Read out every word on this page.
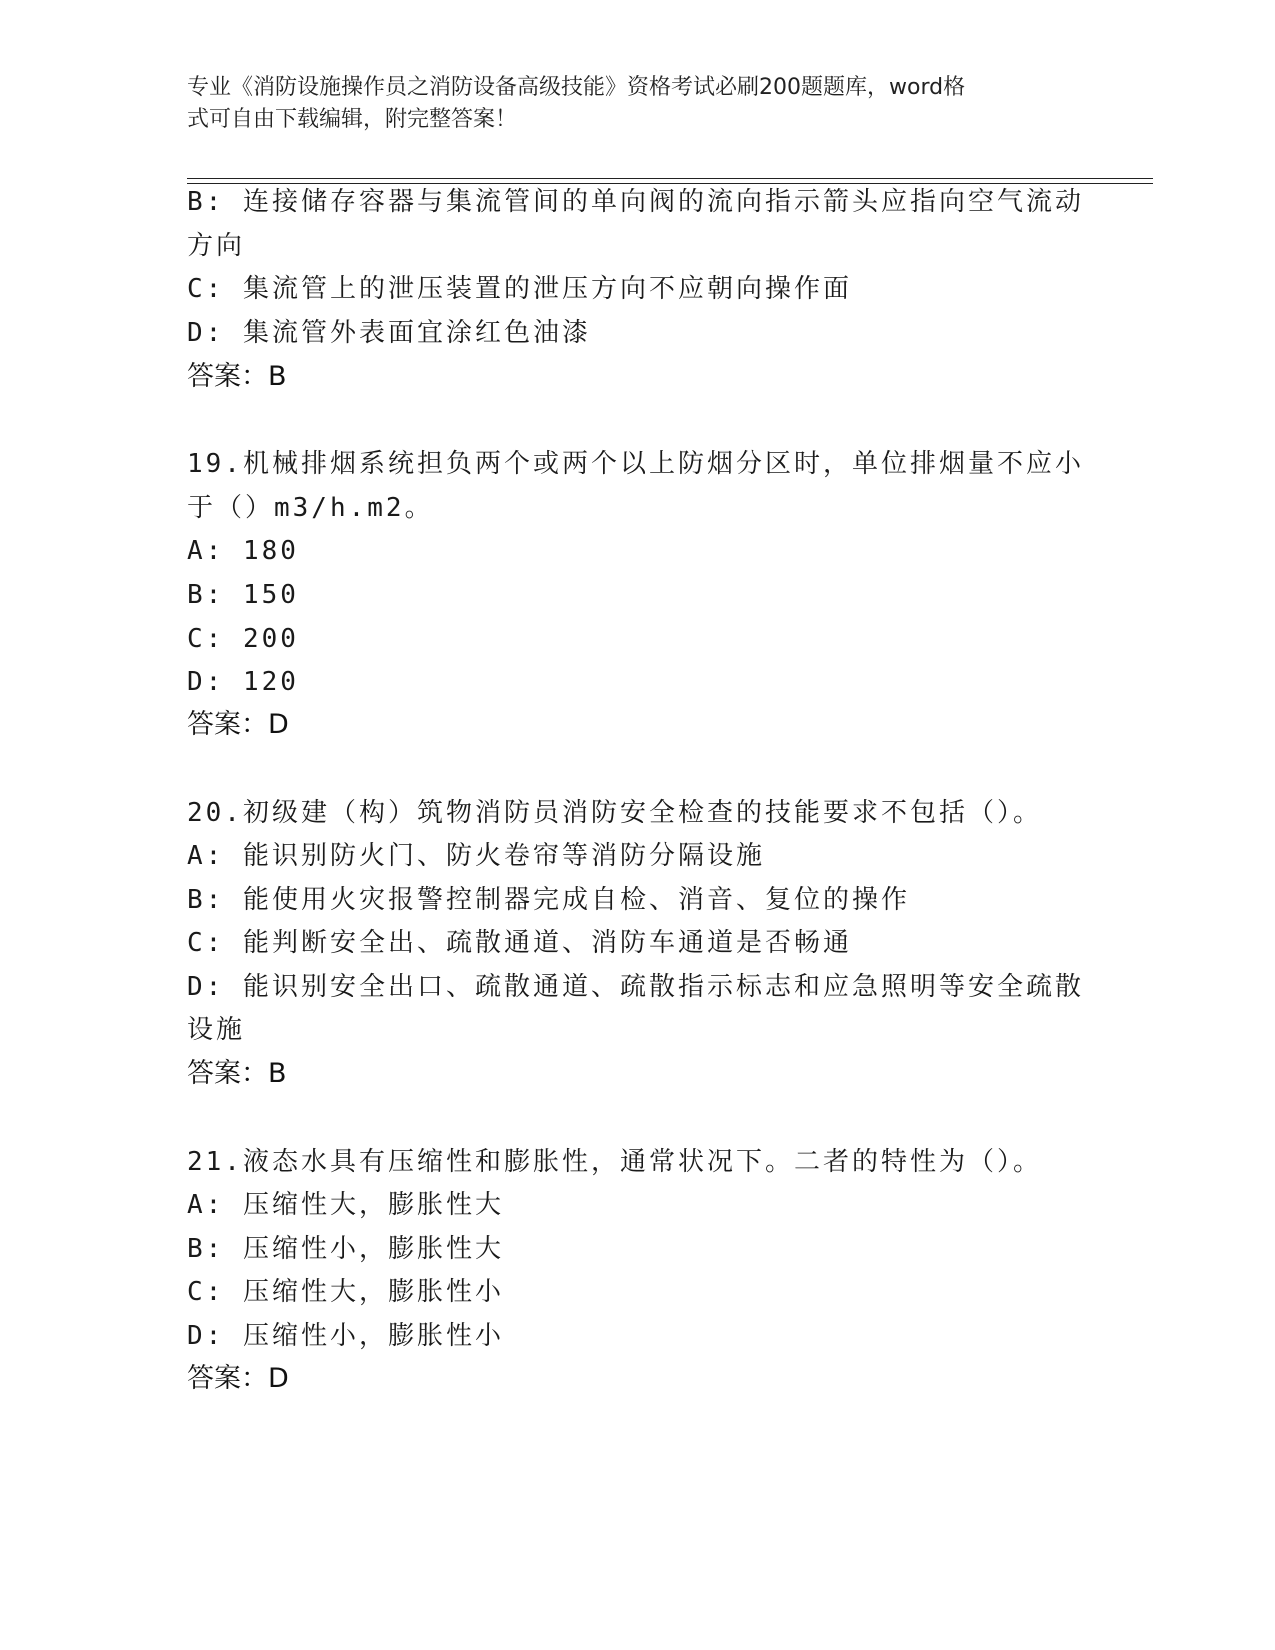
专业《消防设施操作员之消防设备高级技能》资格考试必刷200题题库，word格
式可自由下载编辑，附完整答案！
B: 连接储存容器与集流管间的单向阀的流向指示箭头应指向空气流动
方向
C: 集流管上的泄压装置的泄压方向不应朝向操作面
D: 集流管外表面宜涂红色油漆
答案：B
19.机械排烟系统担负两个或两个以上防烟分区时，单位排烟量不应小
于（）m3/h.m2。
A: 180
B: 150
C: 200
D: 120
答案：D
20.初级建（构）筑物消防员消防安全检查的技能要求不包括（）。
A: 能识别防火门、防火卷帘等消防分隔设施
B: 能使用火灾报警控制器完成自检、消音、复位的操作
C: 能判断安全出、疏散通道、消防车通道是否畅通
D: 能识别安全出口、疏散通道、疏散指示标志和应急照明等安全疏散
设施
答案：B
21.液态水具有压缩性和膨胀性，通常状况下。二者的特性为（）。
A: 压缩性大，膨胀性大
B: 压缩性小，膨胀性大
C: 压缩性大，膨胀性小
D: 压缩性小，膨胀性小
答案：D
